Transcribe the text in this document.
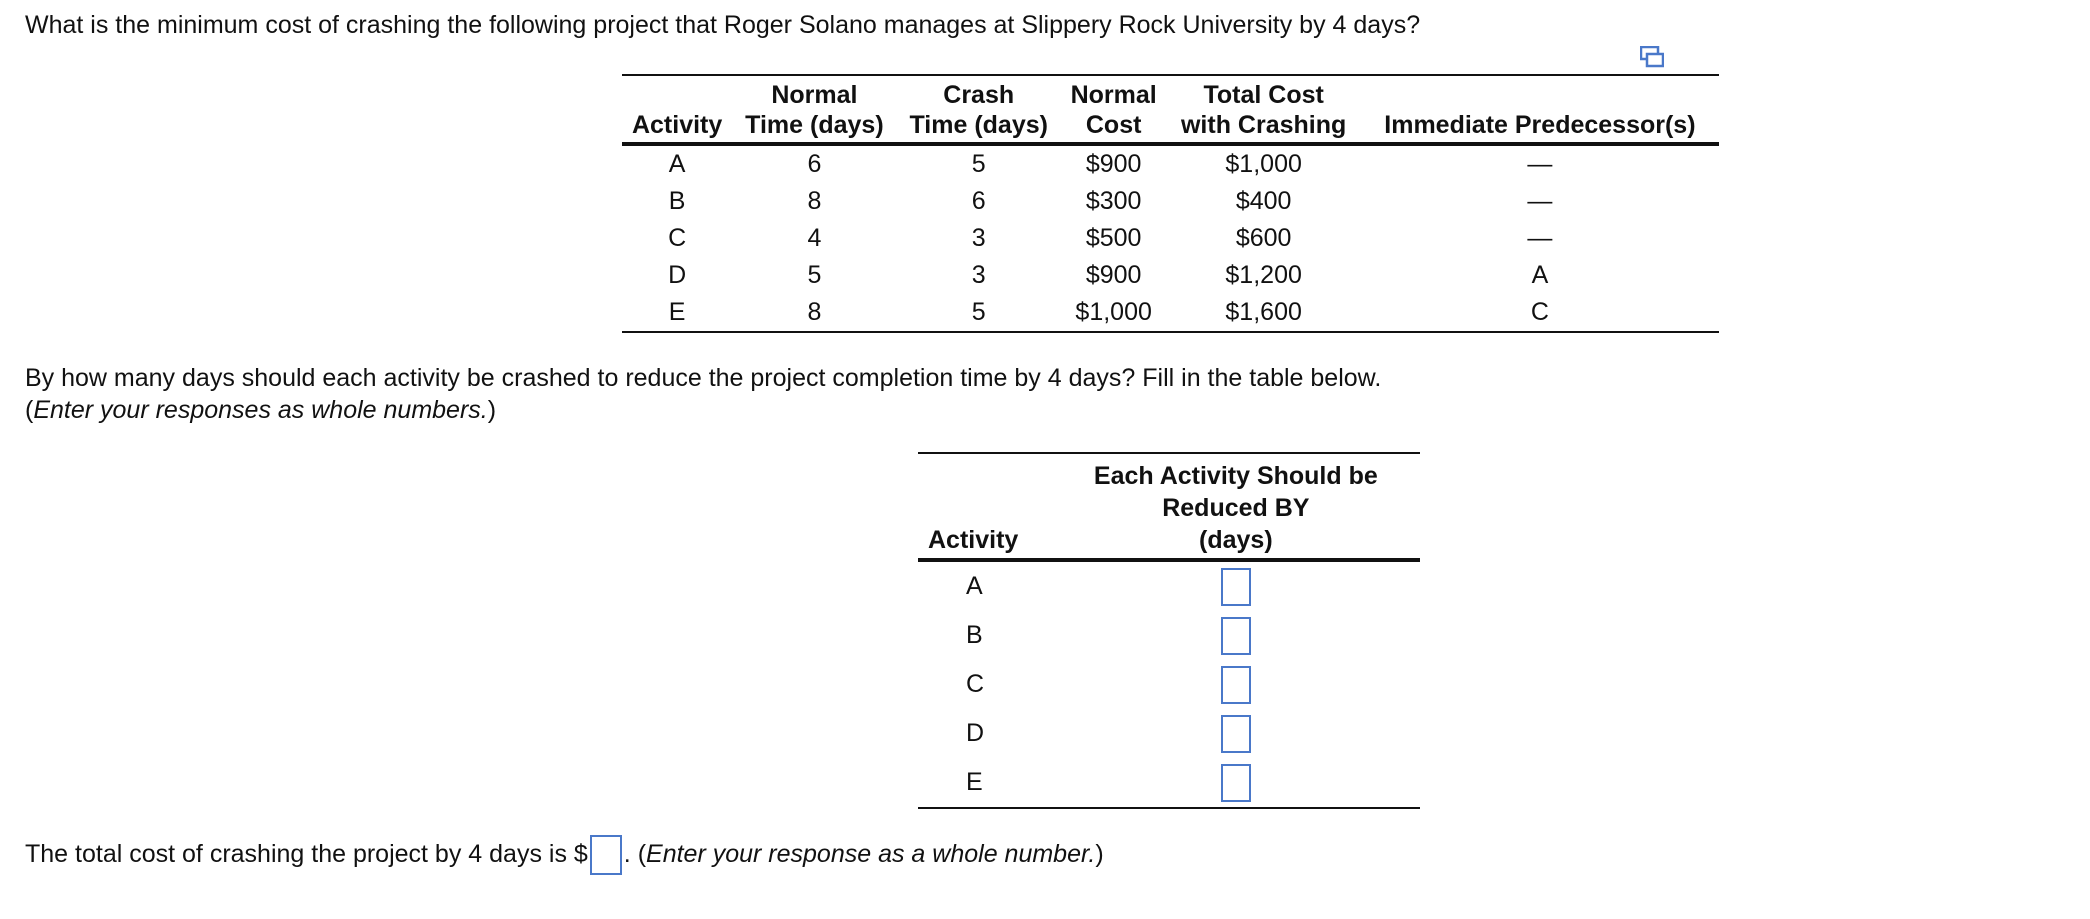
What is the minimum cost of crashing the following project that Roger Solano manages at Slippery Rock University by 4 days?
	Normal	Crash	Normal	Total Cost	
Activity	Time (days)	Time (days)	Cost	with Crashing	Immediate Predecessor(s)
A	6	5	$900	$1,000	—
B	8	6	$300	$400	—
C	4	3	$500	$600	—
D	5	3	$900	$1,200	A
E	8	5	$1,000	$1,600	C
By how many days should each activity be crashed to reduce the project completion time by 4 days? Fill in the table below.
(Enter your responses as whole numbers.)
	Each Activity Should be
	Reduced BY
Activity	(days)
A	
B	
C	
D	
E	
The total cost of crashing the project by 4 days is $ . (Enter your response as a whole number.)
